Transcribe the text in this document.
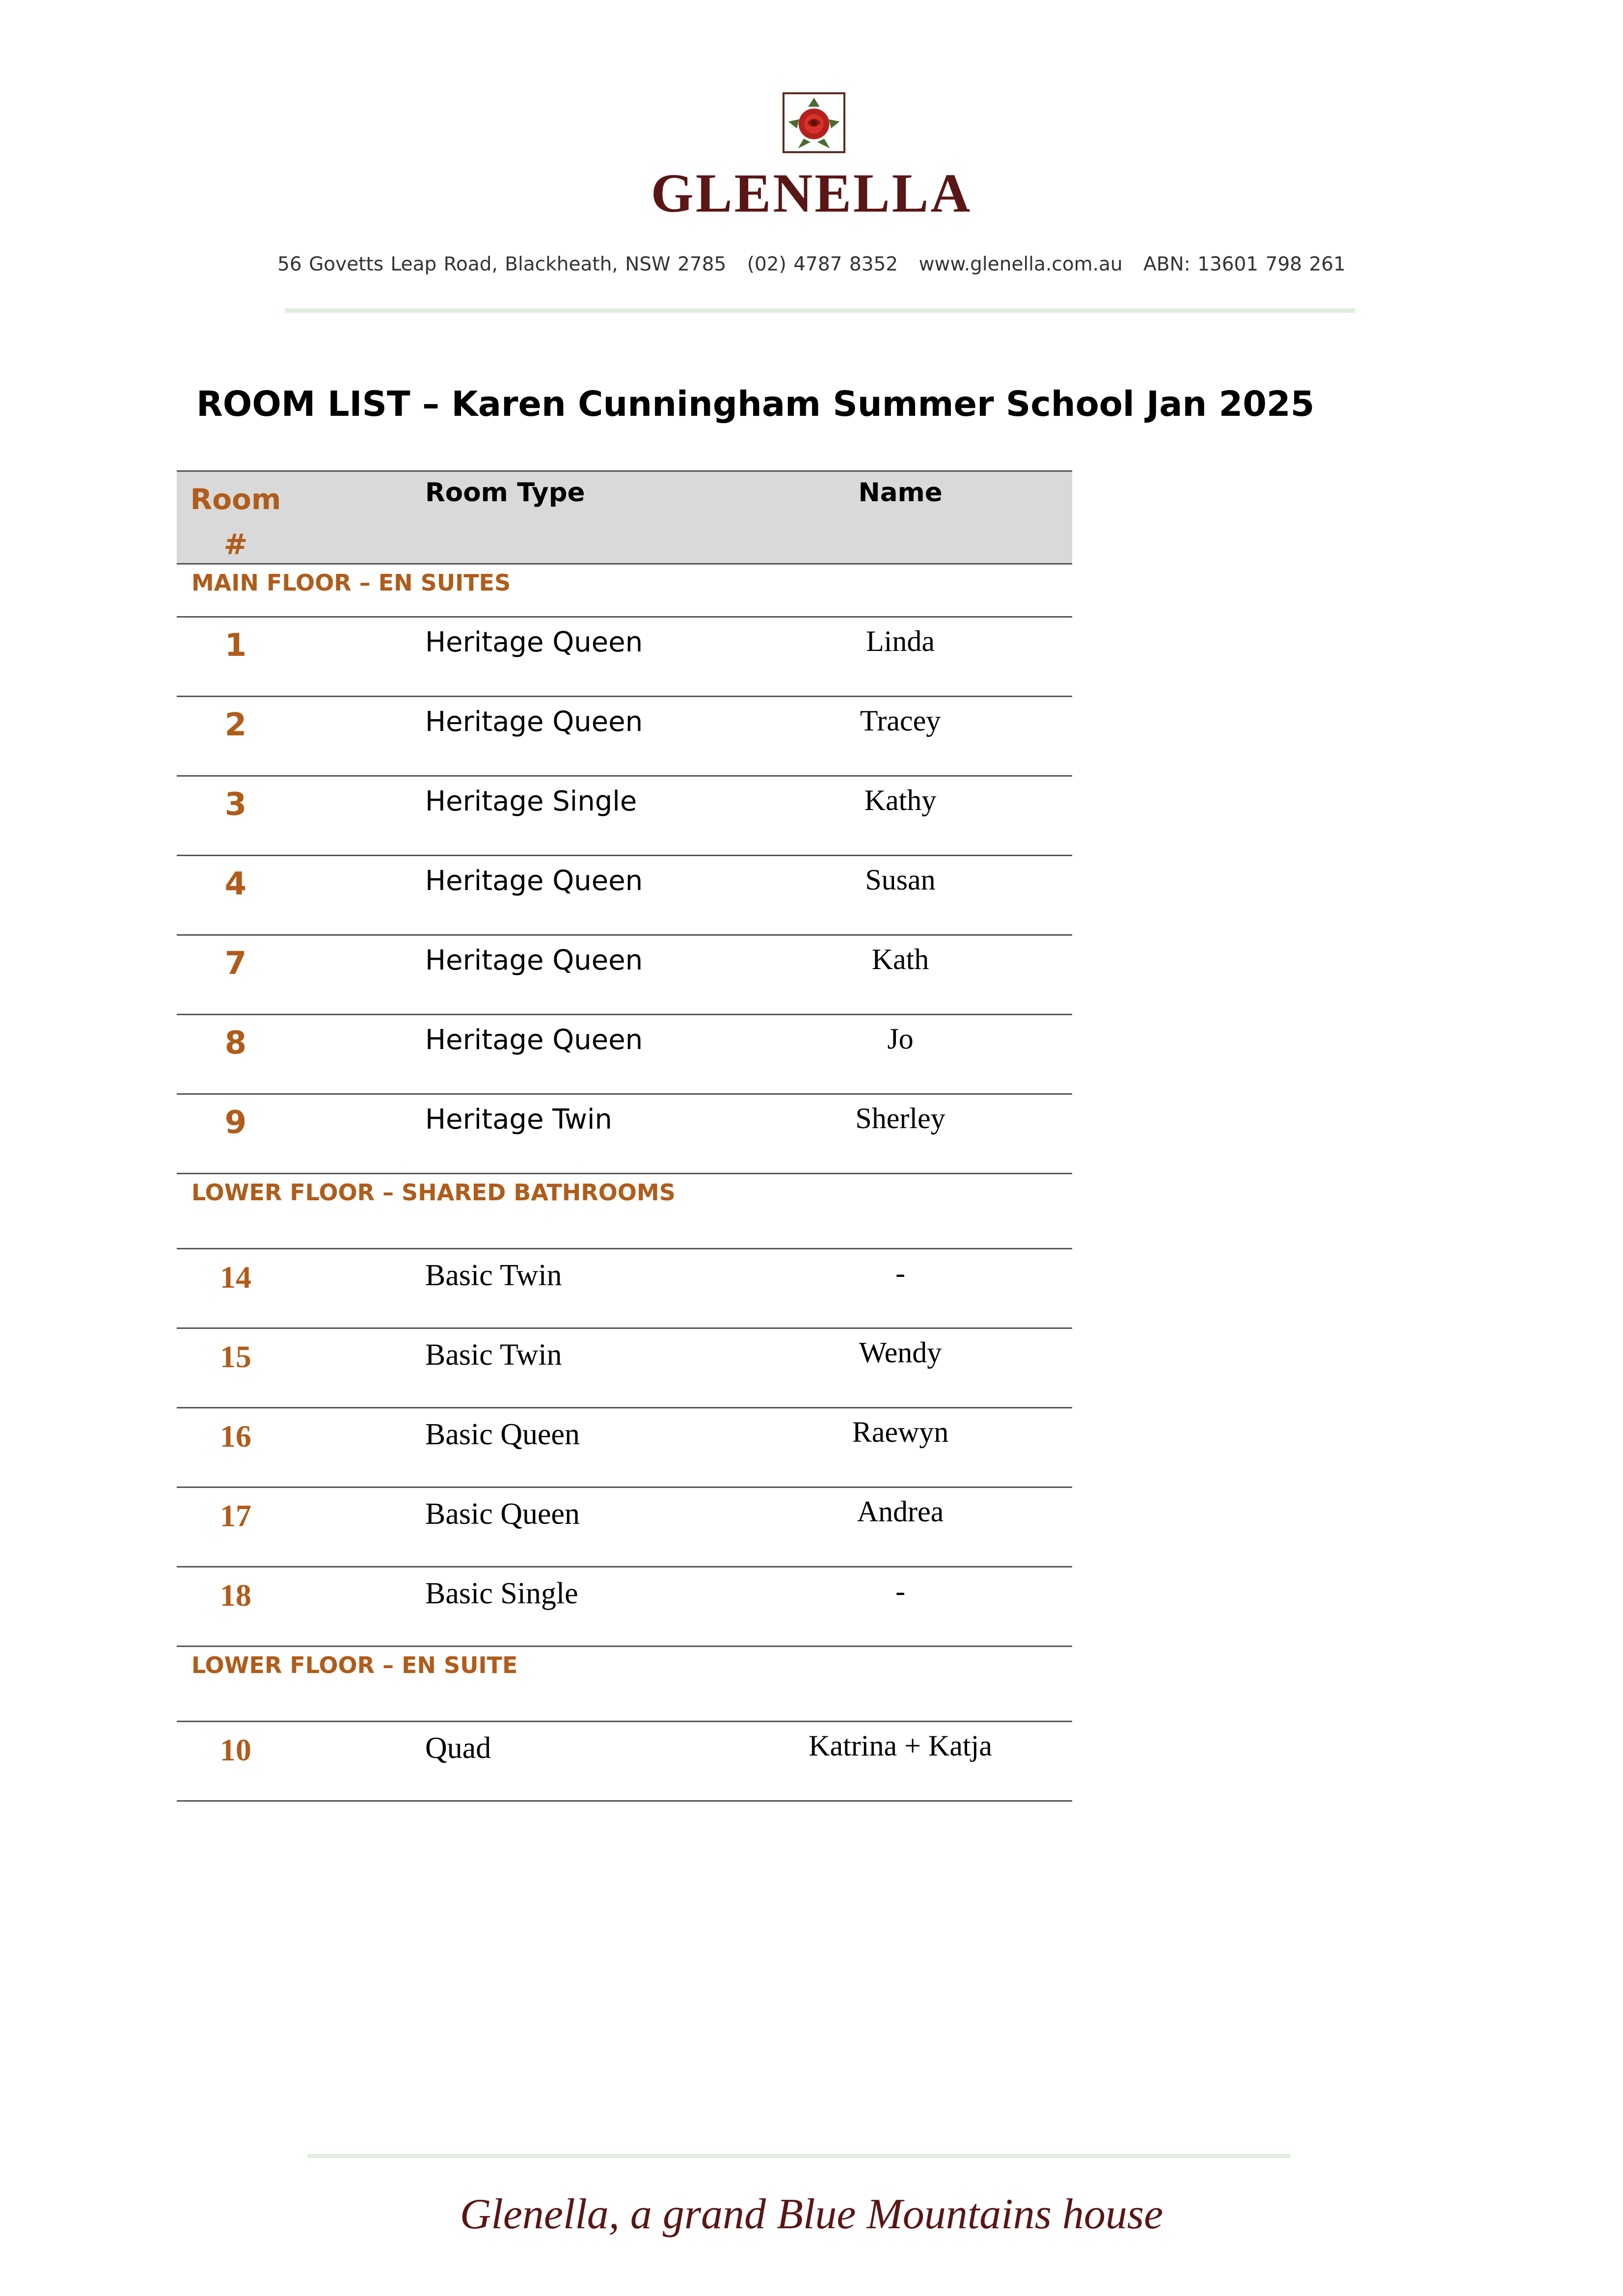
GLENELLA
56 Govetts Leap Road, Blackheath, NSW 2785 (02) 4787 8352 www.glenella.com.au ABN: 13601 798 261
ROOM LIST – Karen Cunningham Summer School Jan 2025
Room
#
Room Type	Name
MAIN FLOOR – EN SUITES
1	Heritage Queen	Linda
2	Heritage Queen	Tracey
3	Heritage Single	Kathy
4	Heritage Queen	Susan
7	Heritage Queen	Kath
8	Heritage Queen	Jo
9	Heritage Twin	Sherley
LOWER FLOOR – SHARED BATHROOMS
14	Basic Twin	-
15	Basic Twin	Wendy
16	Basic Queen	Raewyn
17	Basic Queen	Andrea
18	Basic Single	-
LOWER FLOOR – EN SUITE
10	Quad	Katrina + Katja
Glenella, a grand Blue Mountains house
